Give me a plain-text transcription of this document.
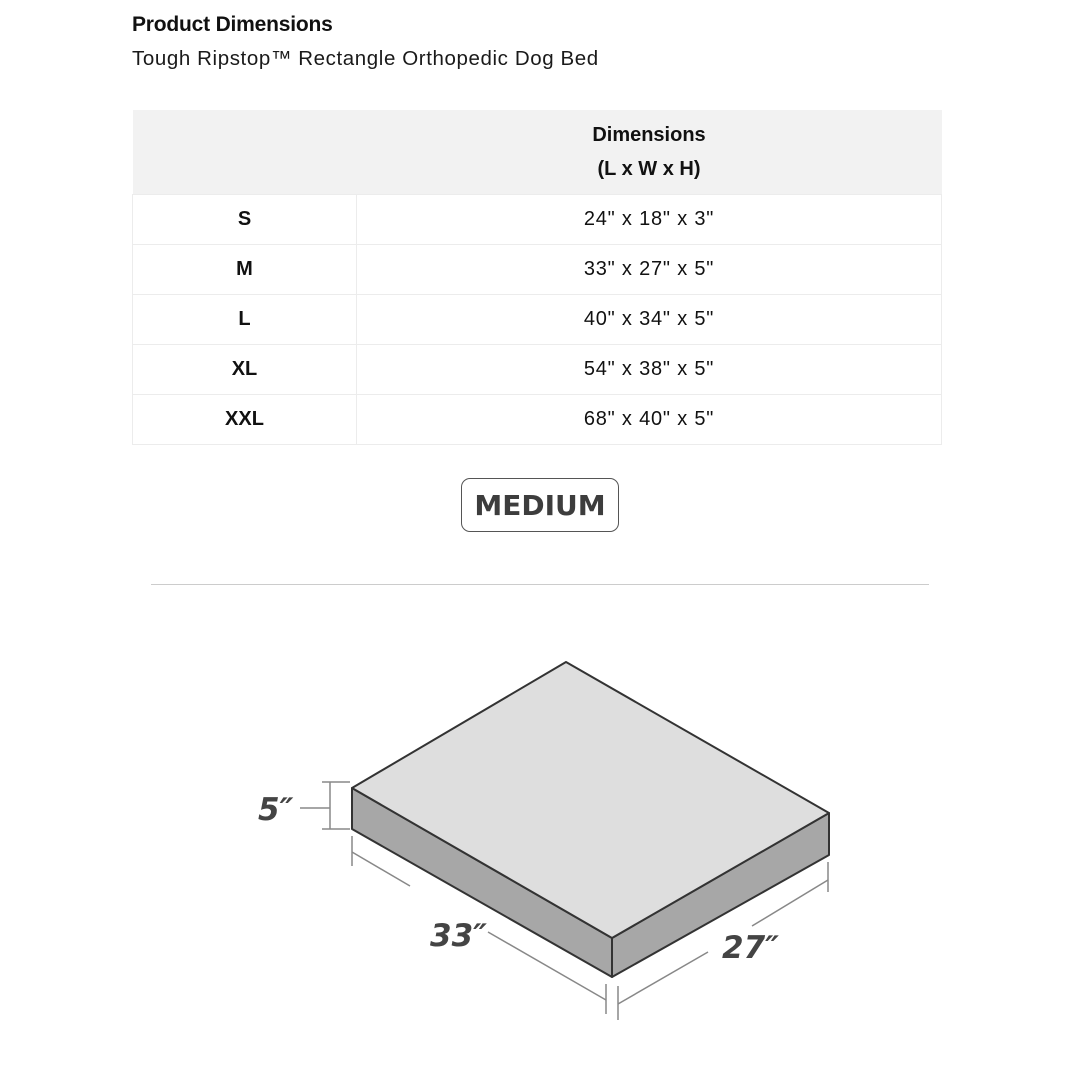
Product Dimensions
Tough Ripstop™ Rectangle Orthopedic Dog Bed

	Dimensions
(L x W x H)

S	24" x 18" x 3"
M	33" x 27" x 5"
L	40" x 34" x 5"
XL	54" x 38" x 5"
XXL	68" x 40" x 5"
MEDIUM
5″
33″	27″
